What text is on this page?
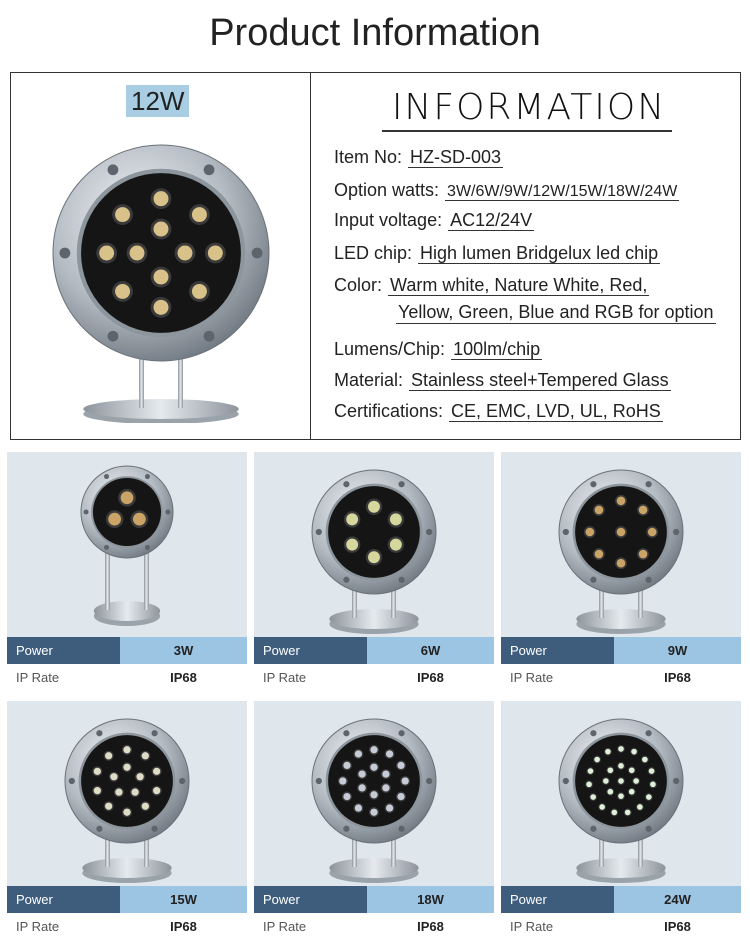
Product Information
12W	INFORMATION
Item No: HZ-SD-003
Option watts: 3W/6W/9W/12W/15W/18W/24W
Input voltage: AC12/24V
LED chip: High lumen Bridgelux led chip
Color: Warm white, Nature White, Red,
Yellow, Green, Blue and RGB for option
Lumens/Chip: 100lm/chip
Material: Stainless steel+Tempered Glass
Certifications: CE, EMC, LVD, UL, RoHS
Power	3W
IP Rate	IP68
Power	6W
IP Rate	IP68
Power	9W
IP Rate	IP68
Power	15W
IP Rate	IP68
Power	18W
IP Rate	IP68
Power	24W
IP Rate	IP68
